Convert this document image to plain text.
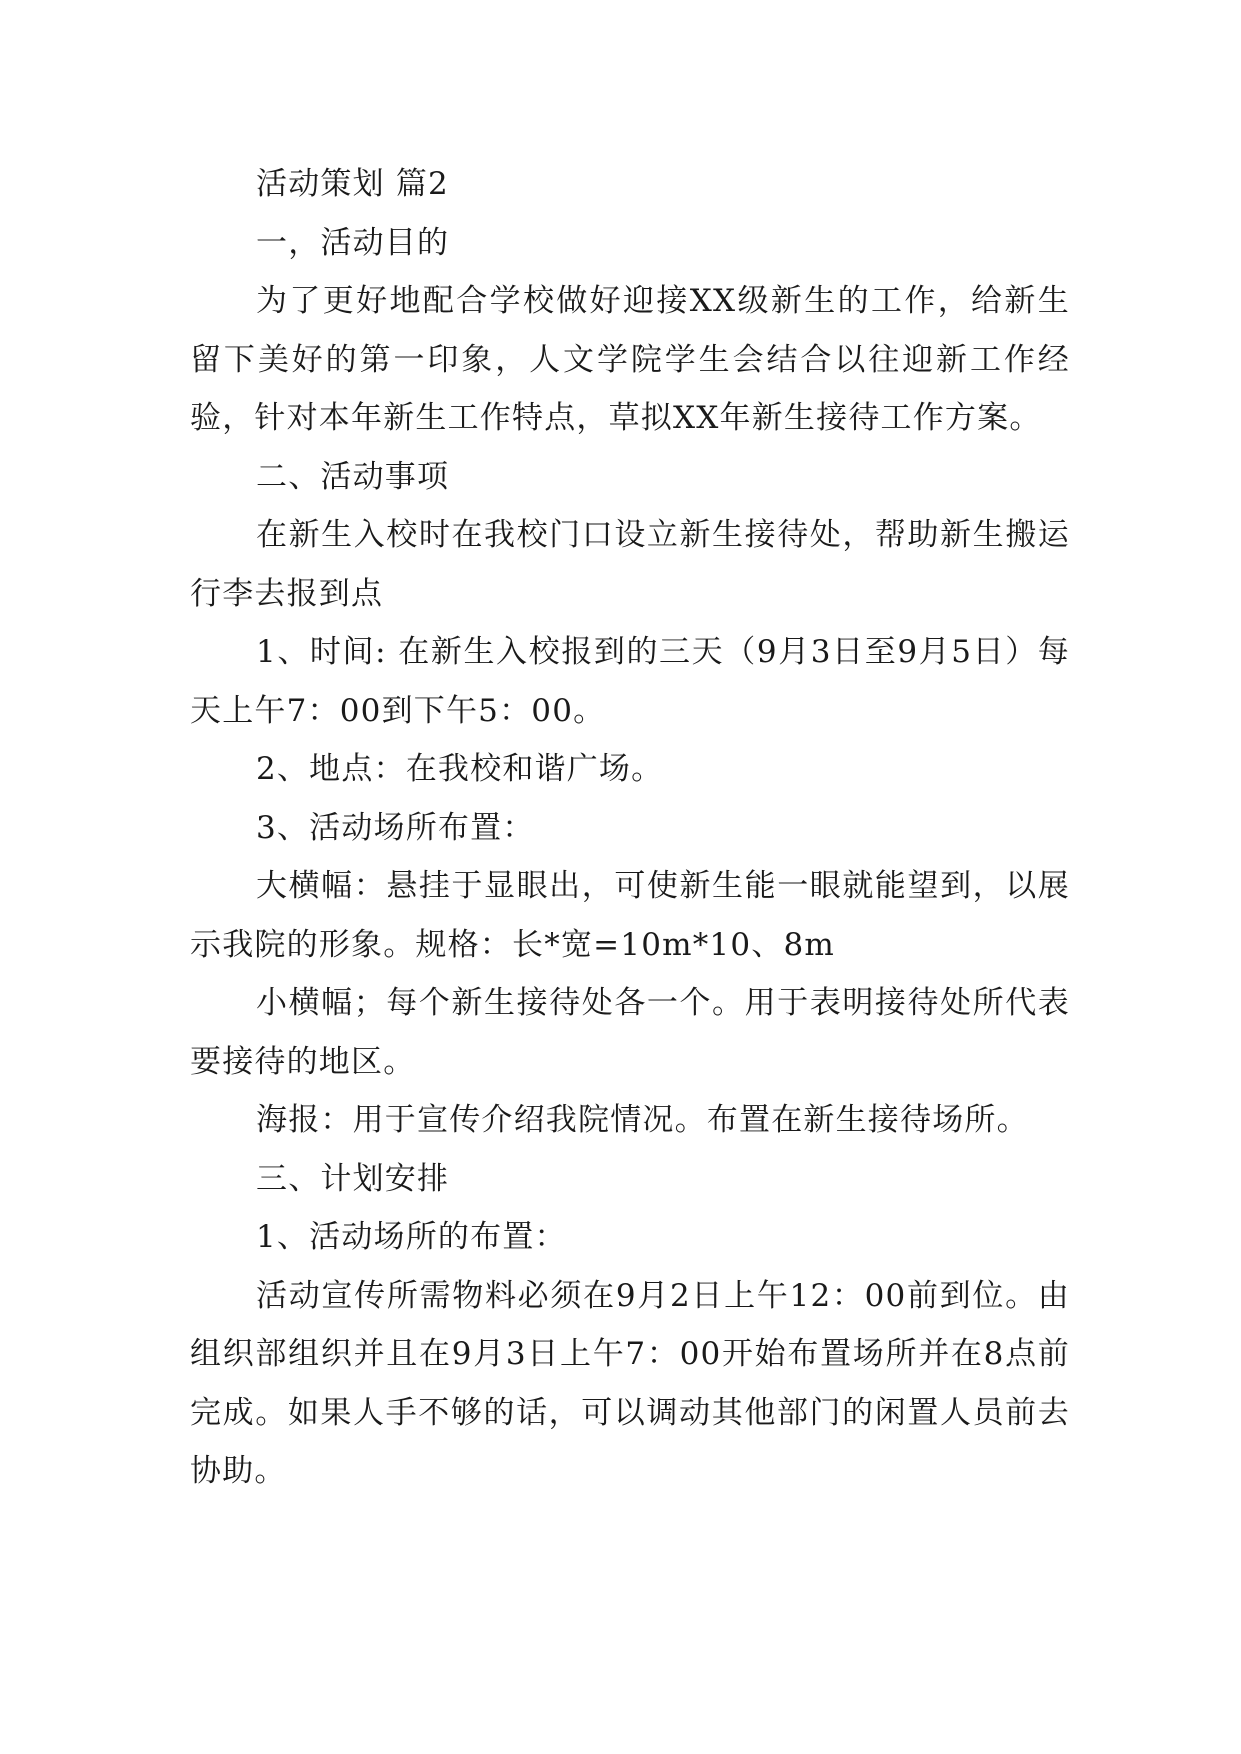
活动策划 篇2

一，活动目的

为了更好地配合学校做好迎接XX级新生的工作，给新生留下美好的第一印象，人文学院学生会结合以往迎新工作经验，针对本年新生工作特点，草拟XX年新生接待工作方案。

二、活动事项

在新生入校时在我校门口设立新生接待处，帮助新生搬运行李去报到点

1、时间: 在新生入校报到的三天（9月3日至9月5日）每天上午7：00到下午5：00。

2、地点：在我校和谐广场。

3、活动场所布置：

大横幅：悬挂于显眼出，可使新生能一眼就能望到，以展示我院的形象。规格：长*宽=10m*10、8m

小横幅；每个新生接待处各一个。用于表明接待处所代表要接待的地区。

海报：用于宣传介绍我院情况。布置在新生接待场所。

三、计划安排

1、活动场所的布置：

活动宣传所需物料必须在9月2日上午12：00前到位。由组织部组织并且在9月3日上午7：00开始布置场所并在8点前完成。如果人手不够的话，可以调动其他部门的闲置人员前去协助。
